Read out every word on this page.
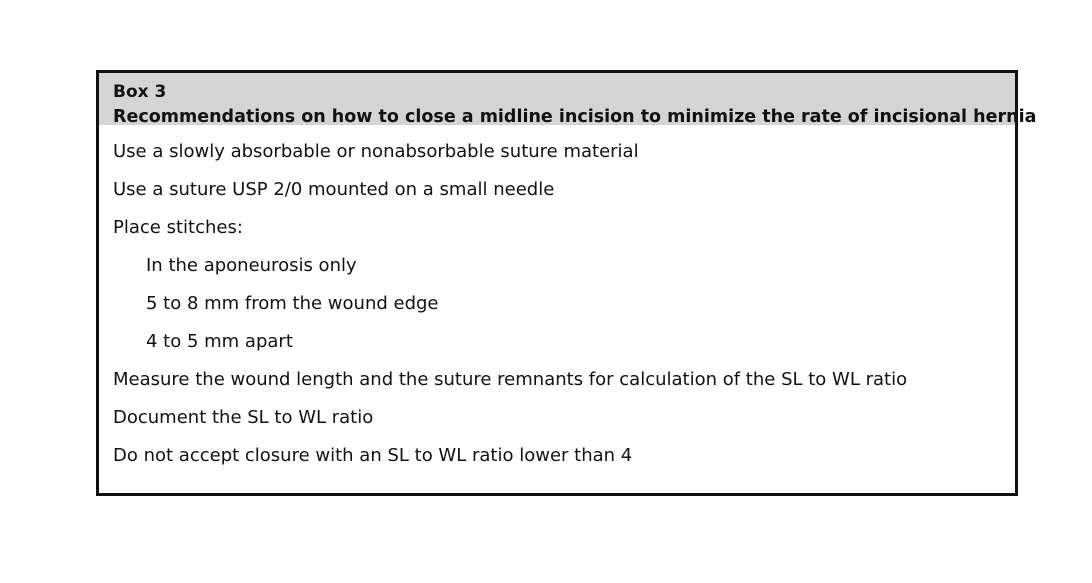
Box 3
Recommendations on how to close a midline incision to minimize the rate of incisional hernia
Use a slowly absorbable or nonabsorbable suture material
Use a suture USP 2/0 mounted on a small needle
Place stitches:
In the aponeurosis only
5 to 8 mm from the wound edge
4 to 5 mm apart
Measure the wound length and the suture remnants for calculation of the SL to WL ratio
Document the SL to WL ratio
Do not accept closure with an SL to WL ratio lower than 4
